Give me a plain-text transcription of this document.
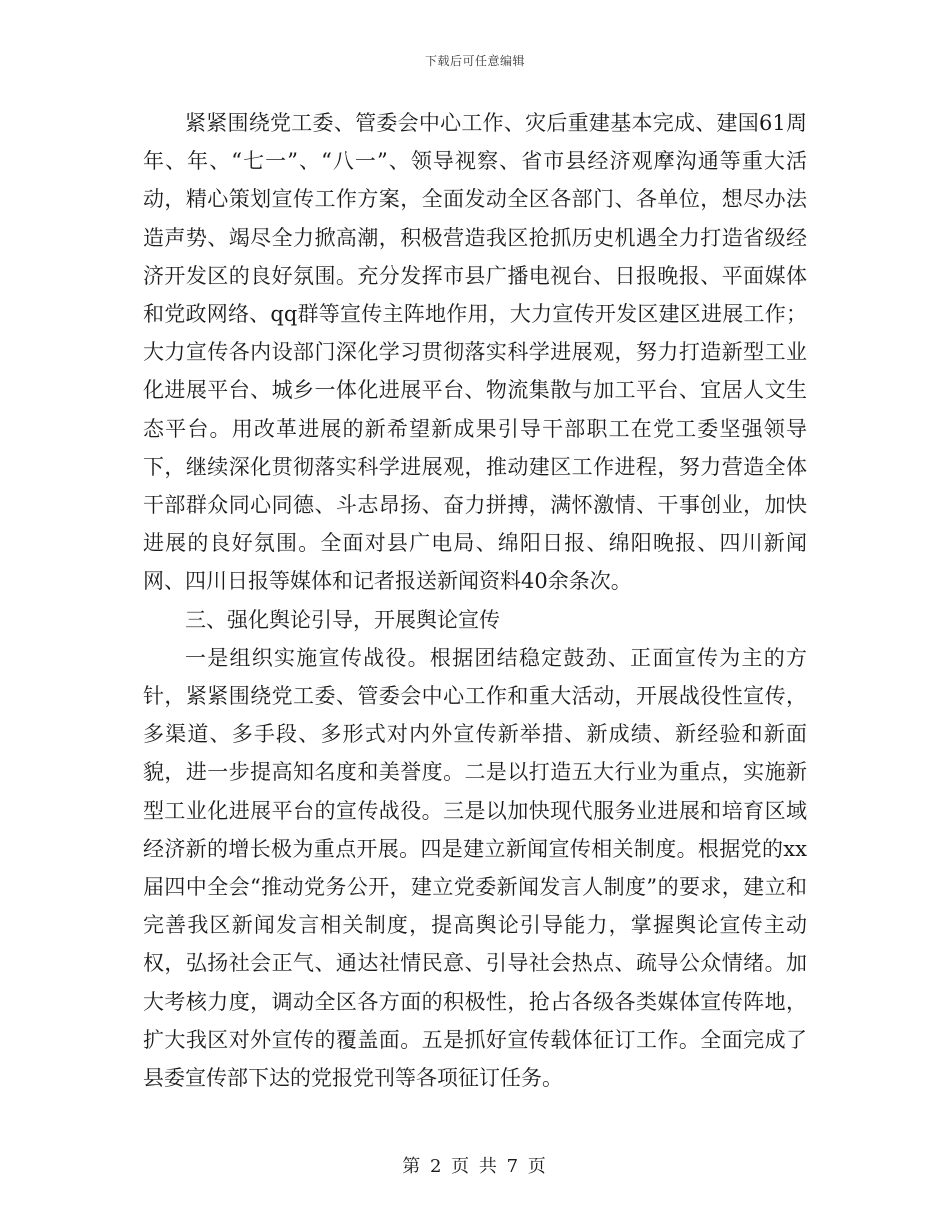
下载后可任意编辑

紧紧围绕党工委、管委会中心工作、灾后重建基本完成、建国61周年、年、“七一”、“八一”、领导视察、省市县经济观摩沟通等重大活动，精心策划宣传工作方案，全面发动全区各部门、各单位，想尽办法造声势、竭尽全力掀高潮，积极营造我区抢抓历史机遇全力打造省级经济开发区的良好氛围。充分发挥市县广播电视台、日报晚报、平面媒体和党政网络、qq群等宣传主阵地作用，大力宣传开发区建区进展工作；大力宣传各内设部门深化学习贯彻落实科学进展观，努力打造新型工业化进展平台、城乡一体化进展平台、物流集散与加工平台、宜居人文生态平台。用改革进展的新希望新成果引导干部职工在党工委坚强领导下，继续深化贯彻落实科学进展观，推动建区工作进程，努力营造全体干部群众同心同德、斗志昂扬、奋力拼搏，满怀激情、干事创业，加快进展的良好氛围。全面对县广电局、绵阳日报、绵阳晚报、四川新闻网、四川日报等媒体和记者报送新闻资料40余条次。

三、强化舆论引导，开展舆论宣传

一是组织实施宣传战役。根据团结稳定鼓劲、正面宣传为主的方针，紧紧围绕党工委、管委会中心工作和重大活动，开展战役性宣传，多渠道、多手段、多形式对内外宣传新举措、新成绩、新经验和新面貌，进一步提高知名度和美誉度。二是以打造五大行业为重点，实施新型工业化进展平台的宣传战役。三是以加快现代服务业进展和培育区域经济新的增长极为重点开展。四是建立新闻宣传相关制度。根据党的xx届四中全会“推动党务公开，建立党委新闻发言人制度”的要求，建立和完善我区新闻发言相关制度，提高舆论引导能力，掌握舆论宣传主动权，弘扬社会正气、通达社情民意、引导社会热点、疏导公众情绪。加大考核力度，调动全区各方面的积极性，抢占各级各类媒体宣传阵地，扩大我区对外宣传的覆盖面。五是抓好宣传载体征订工作。全面完成了县委宣传部下达的党报党刊等各项征订任务。

第 2 页 共 7 页
